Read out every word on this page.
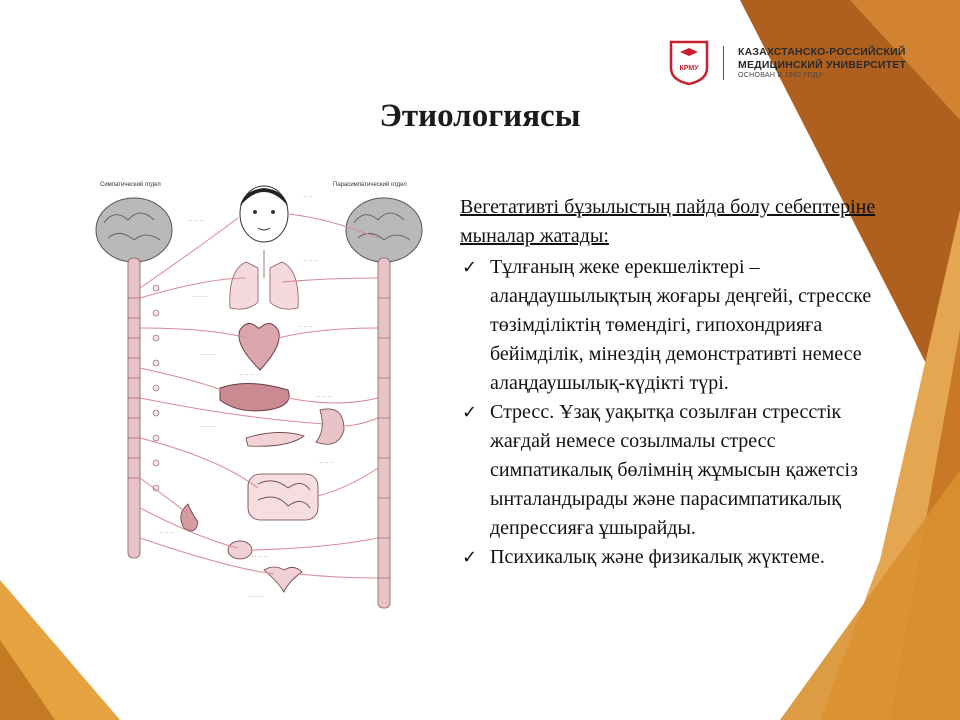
КРМУ
КАЗАХСТАНСКО-РОССИЙСКИЙ
МЕДИЦИНСКИЙ УНИВЕРСИТЕТ
ОСНОВАН В 1992 ГОДУ
Этиологиясы
Симпатический отдел	Парасимпатический отдел
··· ··· ···
··· ···
··· ··· ···
··· ··· ···
··· ··· ···
··· ··· ···
··· ··· ··· ···
··· ··· ···
··· ··· ···
··· ··· ···
··· ··· ···
··· ··· ···
··· ··· ···
Вегетативті бұзылыстың пайда болу себептеріне мыналар жатады:
✓ Тұлғаның жеке ерекшеліктері – алаңдаушылықтың жоғары деңгейі, стресске төзімділіктің төмендігі, гипохондрияға бейімділік, мінездің демонстративті немесе алаңдаушылық-күдікті түрі.
✓ Стресс. Ұзақ уақытқа созылған стресстік жағдай немесе созылмалы стресс симпатикалық бөлімнің жұмысын қажетсіз ынталандырады және парасимпатикалық депрессияға ұшырайды.
✓ Психикалық және физикалық жүктеме.
